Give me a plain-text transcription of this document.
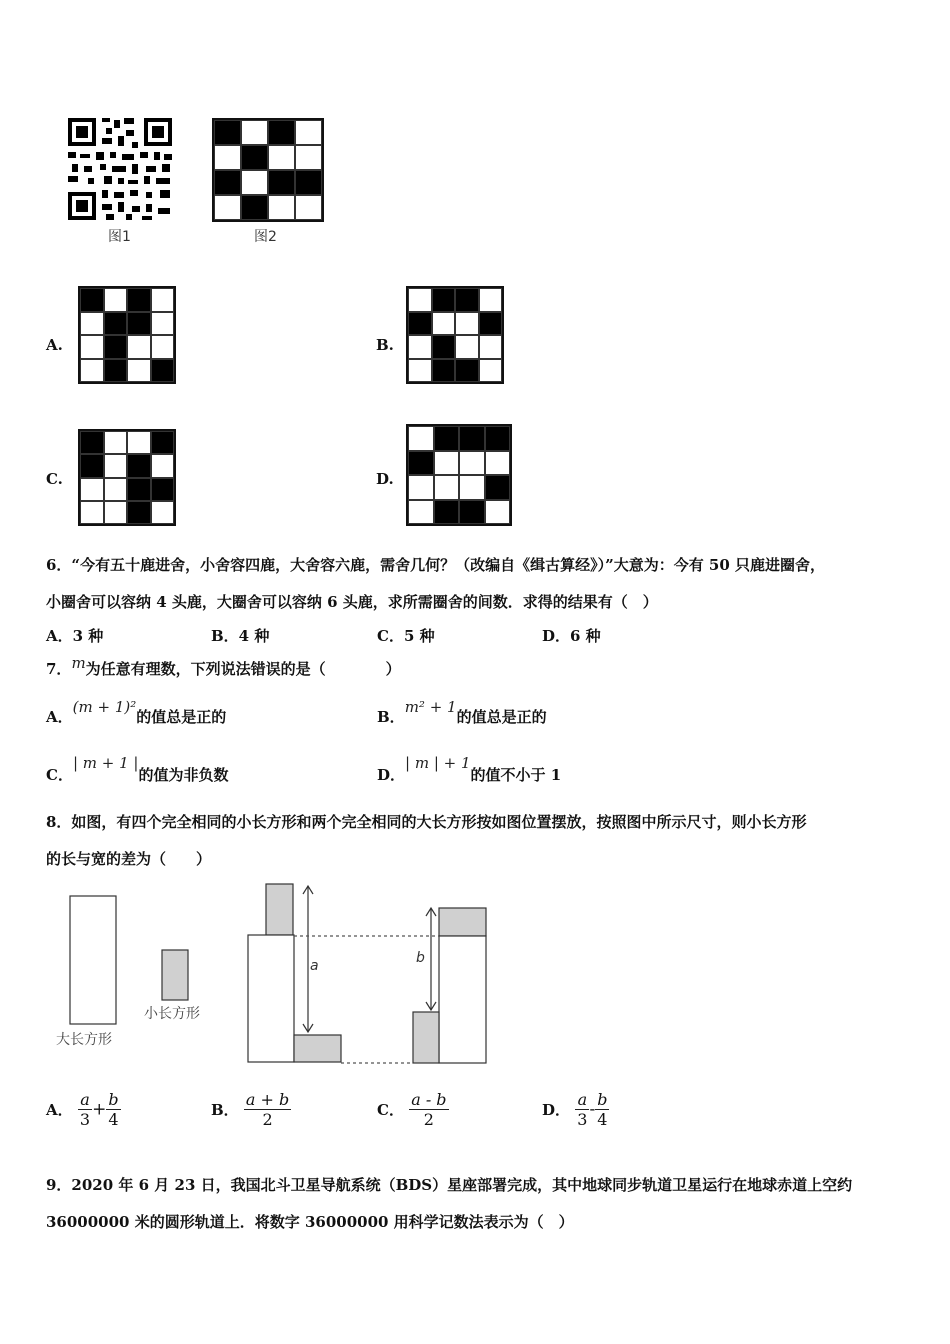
图1	图2
A.	B.
C.	D.
6．“今有五十鹿进舍，小舍容四鹿，大舍容六鹿，需舍几何？（改编自《缉古算经》）”大意为：今有 50 只鹿进圈舍，
小圈舍可以容纳 4 头鹿，大圈舍可以容纳 6 头鹿，求所需圈舍的间数．求得的结果有（　）
A．3 种	B．4 种	C．5 种	D．6 种
7．m为任意有理数，下列说法错误的是（　　　　）
A．(m + 1)²的值总是正的	B．m² + 1的值总是正的
C．| m + 1 |的值为非负数	D．| m | + 1的值不小于 1
8．如图，有四个完全相同的小长方形和两个完全相同的大长方形按如图位置摆放，按照图中所示尺寸，则小长方形
的长与宽的差为（　　）
大长方形
小长方形
a	b
A． $\frac{a}{3} + \frac{b}{4}$	B． $\frac{a + b}{2}$	C． $\frac{a - b}{2}$	D． $\frac{a}{3} - \frac{b}{4}$
9．2020 年 6 月 23 日，我国北斗卫星导航系统（BDS）星座部署完成，其中地球同步轨道卫星运行在地球赤道上空约
36000000 米的圆形轨道上．将数字 36000000 用科学记数法表示为（　）
